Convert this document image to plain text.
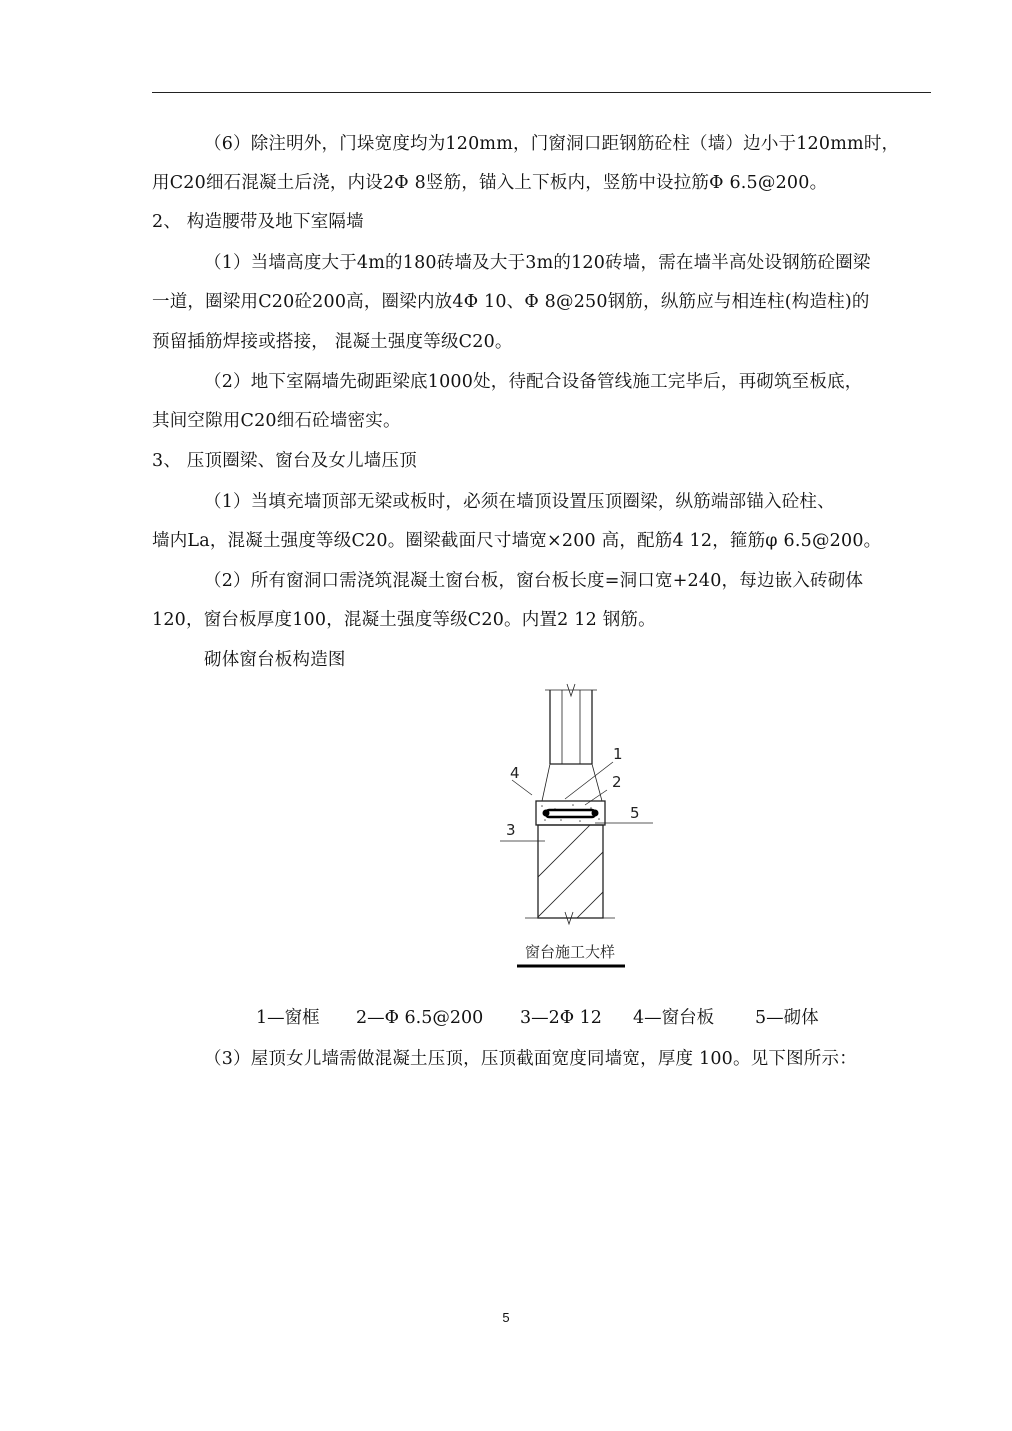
（6）除注明外，门垛宽度均为120mm，门窗洞口距钢筋砼柱（墙）边小于120mm时，
用C20细石混凝土后浇，内设2Φ 8竖筋，锚入上下板内，竖筋中设拉筋Φ 6.5@200。
2、 构造腰带及地下室隔墙
（1）当墙高度大于4m的180砖墙及大于3m的120砖墙，需在墙半高处设钢筋砼圈梁
一道，圈梁用C20砼200高，圈梁内放4Φ 10、Φ 8@250钢筋，纵筋应与相连柱(构造柱)的
预留插筋焊接或搭接， 混凝土强度等级C20。
（2）地下室隔墙先砌距梁底1000处，待配合设备管线施工完毕后，再砌筑至板底，
其间空隙用C20细石砼墙密实。
3、 压顶圈梁、窗台及女儿墙压顶
（1）当填充墙顶部无梁或板时，必须在墙顶设置压顶圈梁，纵筋端部锚入砼柱、
墙内La，混凝土强度等级C20。圈梁截面尺寸墙宽×200 高，配筋4 12，箍筋φ 6.5@200。
（2）所有窗洞口需浇筑混凝土窗台板，窗台板长度=洞口宽+240，每边嵌入砖砌体
120，窗台板厚度100，混凝土强度等级C20。内置2 12 钢筋。
砌体窗台板构造图
1
2
3
4
5
窗台施工大样
1—窗框 2—Φ 6.5@200 3—2Φ 12 4—窗台板 5—砌体
（3）屋顶女儿墙需做混凝土压顶，压顶截面宽度同墙宽，厚度 100。见下图所示：
5
